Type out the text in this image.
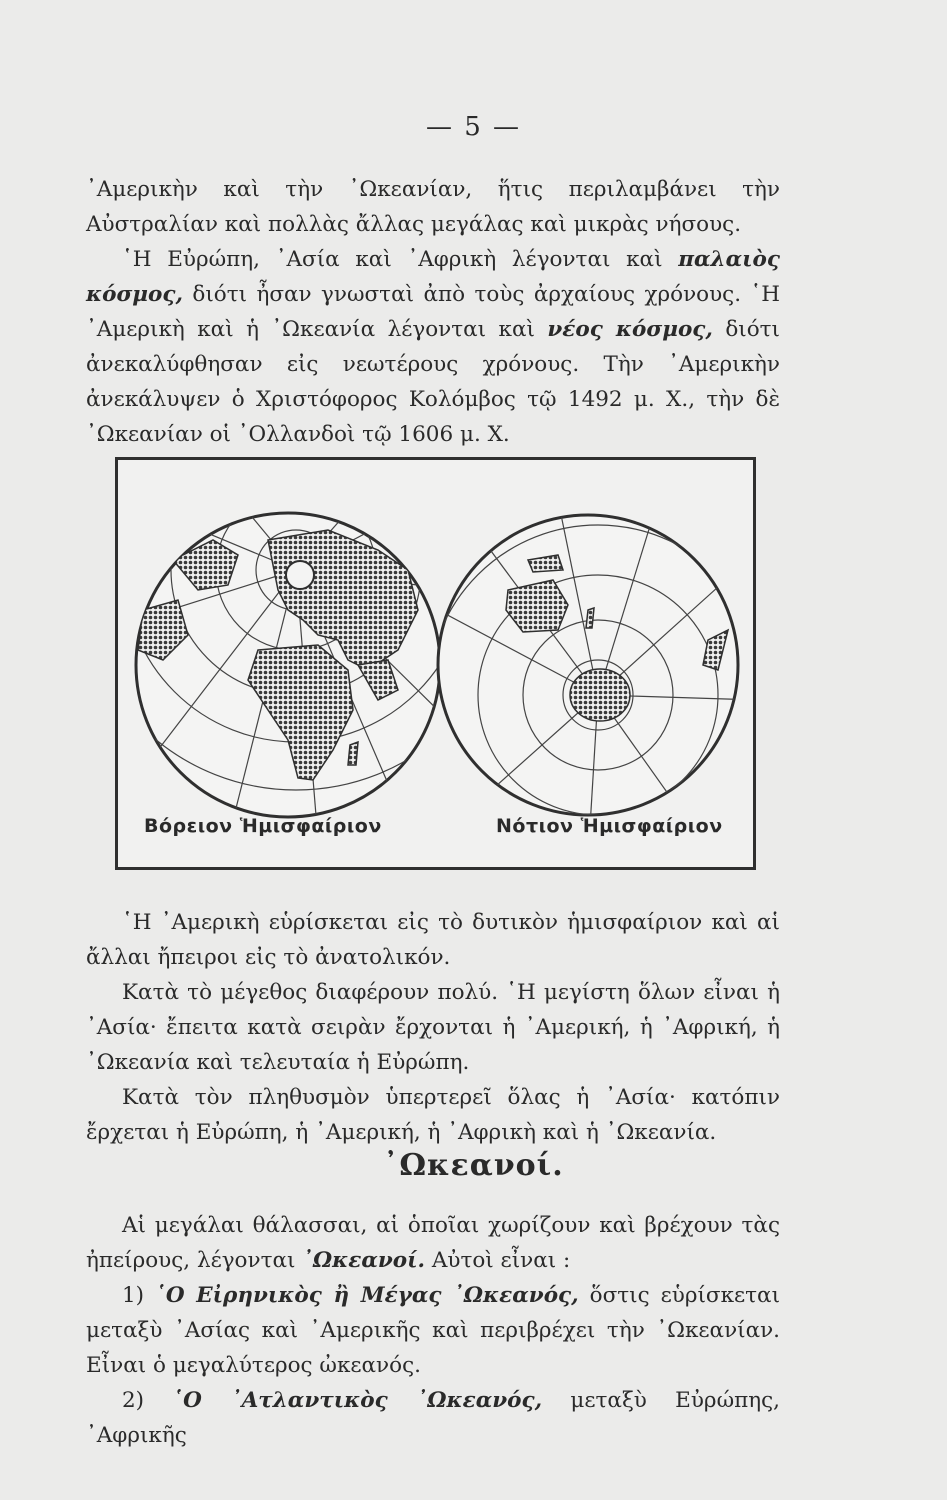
— 5 —

᾿Αμερικὴν καὶ τὴν ᾿Ωκεανίαν, ἥτις περιλαμβάνει τὴν Αὐστραλίαν καὶ πολλὰς ἄλλας μεγάλας καὶ μικρὰς νήσους.

῾Η Εὐρώπη, ᾿Ασία καὶ ᾿Αφρικὴ λέγονται καὶ παλαιὸς κόσμος, διότι ἦσαν γνωσταὶ ἀπὸ τοὺς ἀρχαίους χρόνους. ῾Η ᾿Αμερικὴ καὶ ἡ ᾿Ωκεανία λέγονται καὶ νέος κόσμος, διότι ἀνεκαλύφθησαν εἰς νεωτέρους χρόνους. Τὴν ᾿Αμερικὴν ἀνεκάλυψεν ὁ Χριστόφορος Κολόμβος τῷ 1492 μ. Χ., τὴν δὲ ᾿Ωκεανίαν οἱ ᾿Ολλανδοὶ τῷ 1606 μ. Χ.

Βόρειον Ἡμισφαίριον	Νότιον Ἡμισφαίριον

῾Η ᾿Αμερικὴ εὑρίσκεται εἰς τὸ δυτικὸν ἡμισφαίριον καὶ αἱ ἄλλαι ἤπειροι εἰς τὸ ἀνατολικόν.

Κατὰ τὸ μέγεθος διαφέρουν πολύ. ῾Η μεγίστη ὅλων εἶναι ἡ ᾿Ασία· ἔπειτα κατὰ σειρὰν ἔρχονται ἡ ᾿Αμερική, ἡ ᾿Αφρική, ἡ ᾿Ωκεανία καὶ τελευταία ἡ Εὐρώπη.

Κατὰ τὸν πληθυσμὸν ὑπερτερεῖ ὅλας ἡ ᾿Ασία· κατόπιν ἔρχεται ἡ Εὐρώπη, ἡ ᾿Αμερική, ἡ ᾿Αφρικὴ καὶ ἡ ᾿Ωκεανία.

᾿Ωκεανοί.

Αἱ μεγάλαι θάλασσαι, αἱ ὁποῖαι χωρίζουν καὶ βρέχουν τὰς ἠπείρους, λέγονται ᾿Ωκεανοί. Αὐτοὶ εἶναι :

1) ῾Ο Εἰρηνικὸς ἢ Μέγας ᾿Ωκεανός, ὅστις εὑρίσκεται μεταξὺ ᾿Ασίας καὶ ᾿Αμερικῆς καὶ περιβρέχει τὴν ᾿Ωκεανίαν. Εἶναι ὁ μεγαλύτερος ὠκεανός.

2) ῾Ο ᾿Ατλαντικὸς ᾿Ωκεανός, μεταξὺ Εὐρώπης, ᾿Αφρικῆς
